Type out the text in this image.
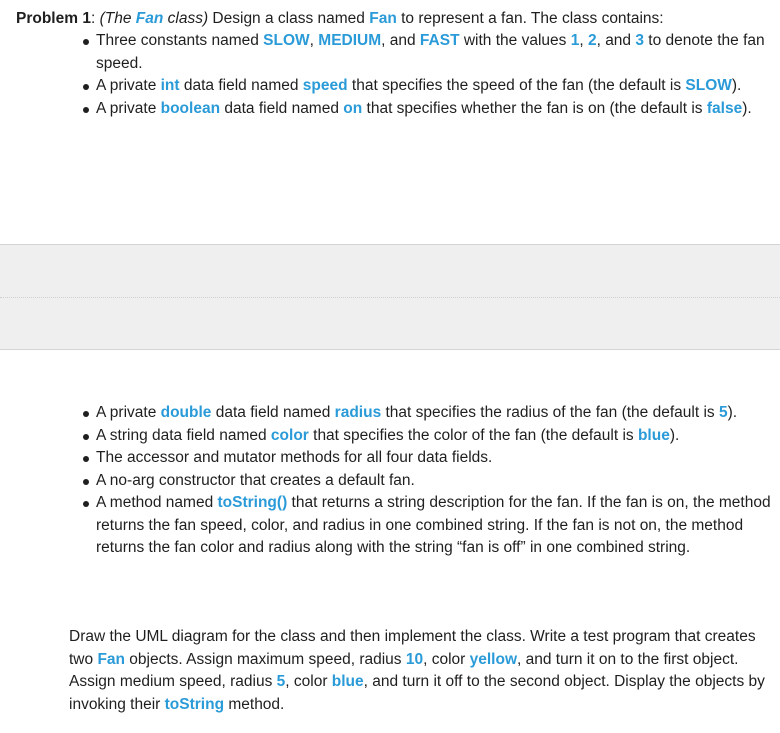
Problem 1: (The Fan class) Design a class named Fan to represent a fan. The class contains:
Three constants named SLOW, MEDIUM, and FAST with the values 1, 2, and 3 to denote the fan speed.
A private int data field named speed that specifies the speed of the fan (the default is SLOW).
A private boolean data field named on that specifies whether the fan is on (the default is false).
A private double data field named radius that specifies the radius of the fan (the default is 5).
A string data field named color that specifies the color of the fan (the default is blue).
The accessor and mutator methods for all four data fields.
A no-arg constructor that creates a default fan.
A method named toString() that returns a string description for the fan. If the fan is on, the method returns the fan speed, color, and radius in one combined string. If the fan is not on, the method returns the fan color and radius along with the string “fan is off” in one combined string.
Draw the UML diagram for the class and then implement the class. Write a test program that creates two Fan objects. Assign maximum speed, radius 10, color yellow, and turn it on to the first object. Assign medium speed, radius 5, color blue, and turn it off to the second object. Display the objects by invoking their toString method.
